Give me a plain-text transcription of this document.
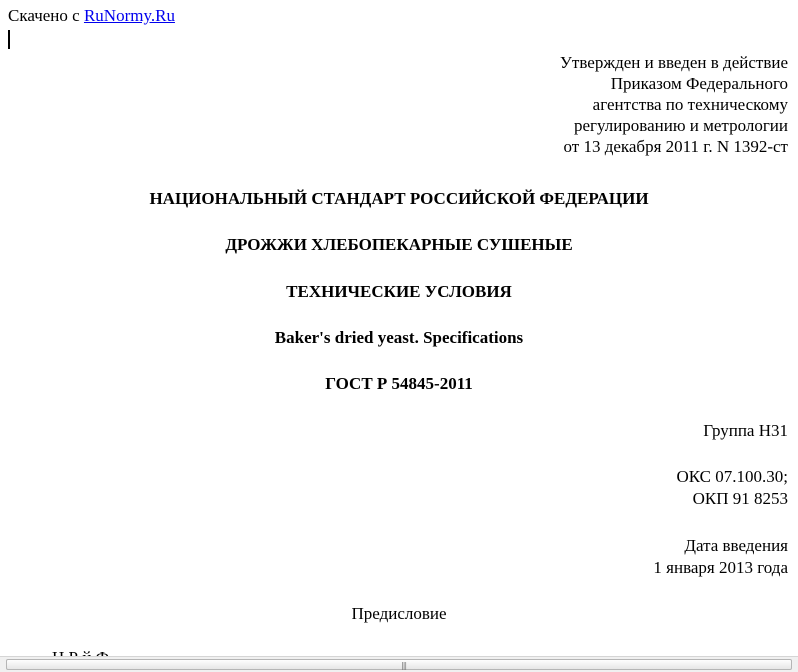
Скачено с RuNormy.Ru
Утвержден и введен в действие
Приказом Федерального
агентства по техническому
регулированию и метрологии
от 13 декабря 2011 г. N 1392-ст
НАЦИОНАЛЬНЫЙ СТАНДАРТ РОССИЙСКОЙ ФЕДЕРАЦИИ
ДРОЖЖИ ХЛЕБОПЕКАРНЫЕ СУШЕНЫЕ
ТЕХНИЧЕСКИЕ УСЛОВИЯ
Baker's dried yeast. Specifications
ГОСТ Р 54845-2011
Группа Н31
ОКС 07.100.30;
ОКП 91 8253
Дата введения
1 января 2013 года
Предисловие
|||
